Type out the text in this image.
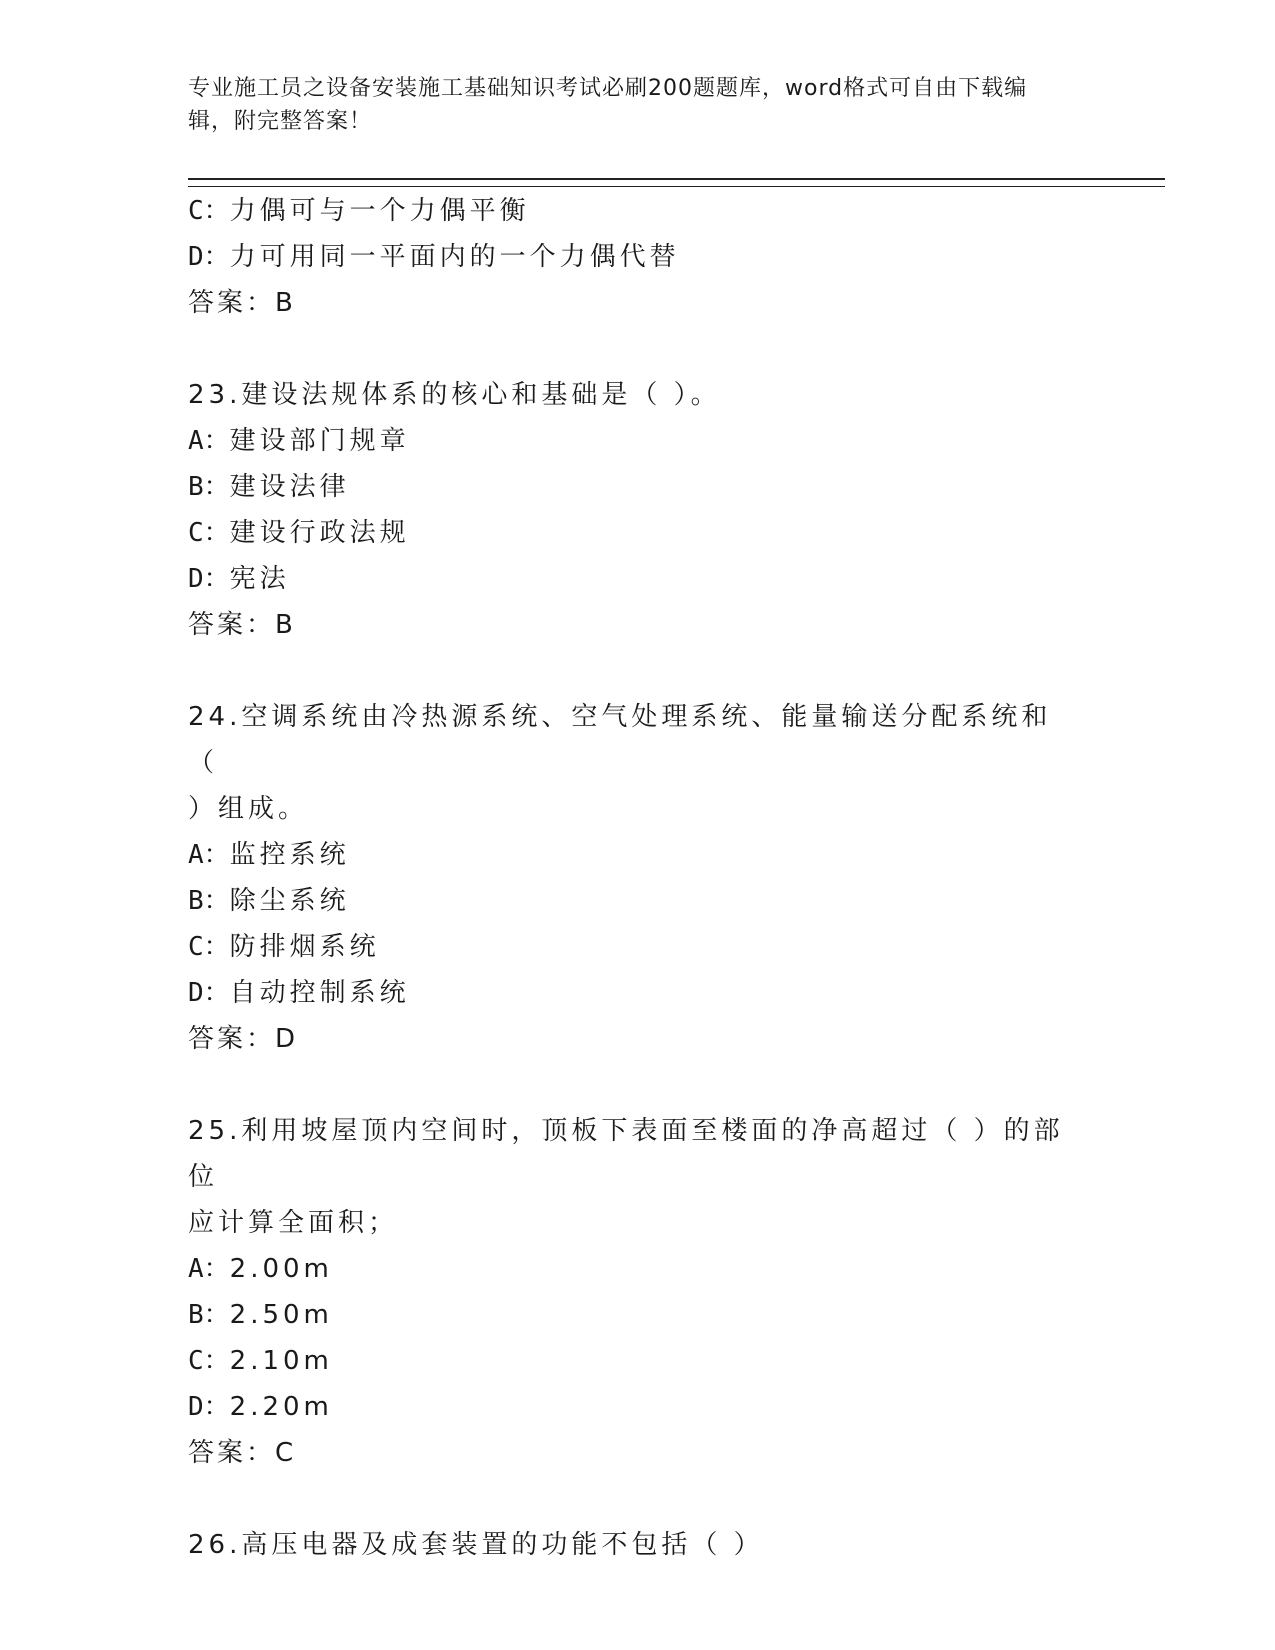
专业施工员之设备安装施工基础知识考试必刷200题题库，word格式可自由下载编辑，附完整答案！
C：力偶可与一个力偶平衡
D：力可用同一平面内的一个力偶代替
答案：B
23.建设法规体系的核心和基础是（ ）。
A：建设部门规章
B：建设法律
C：建设行政法规
D：宪法
答案：B
24.空调系统由冷热源系统、空气处理系统、能量输送分配系统和（
）组成。
A：监控系统
B：除尘系统
C：防排烟系统
D：自动控制系统
答案：D
25.利用坡屋顶内空间时，顶板下表面至楼面的净高超过（ ）的部位
应计算全面积；
A：2.00m
B：2.50m
C：2.10m
D：2.20m
答案：C
26.高压电器及成套装置的功能不包括（ ）
